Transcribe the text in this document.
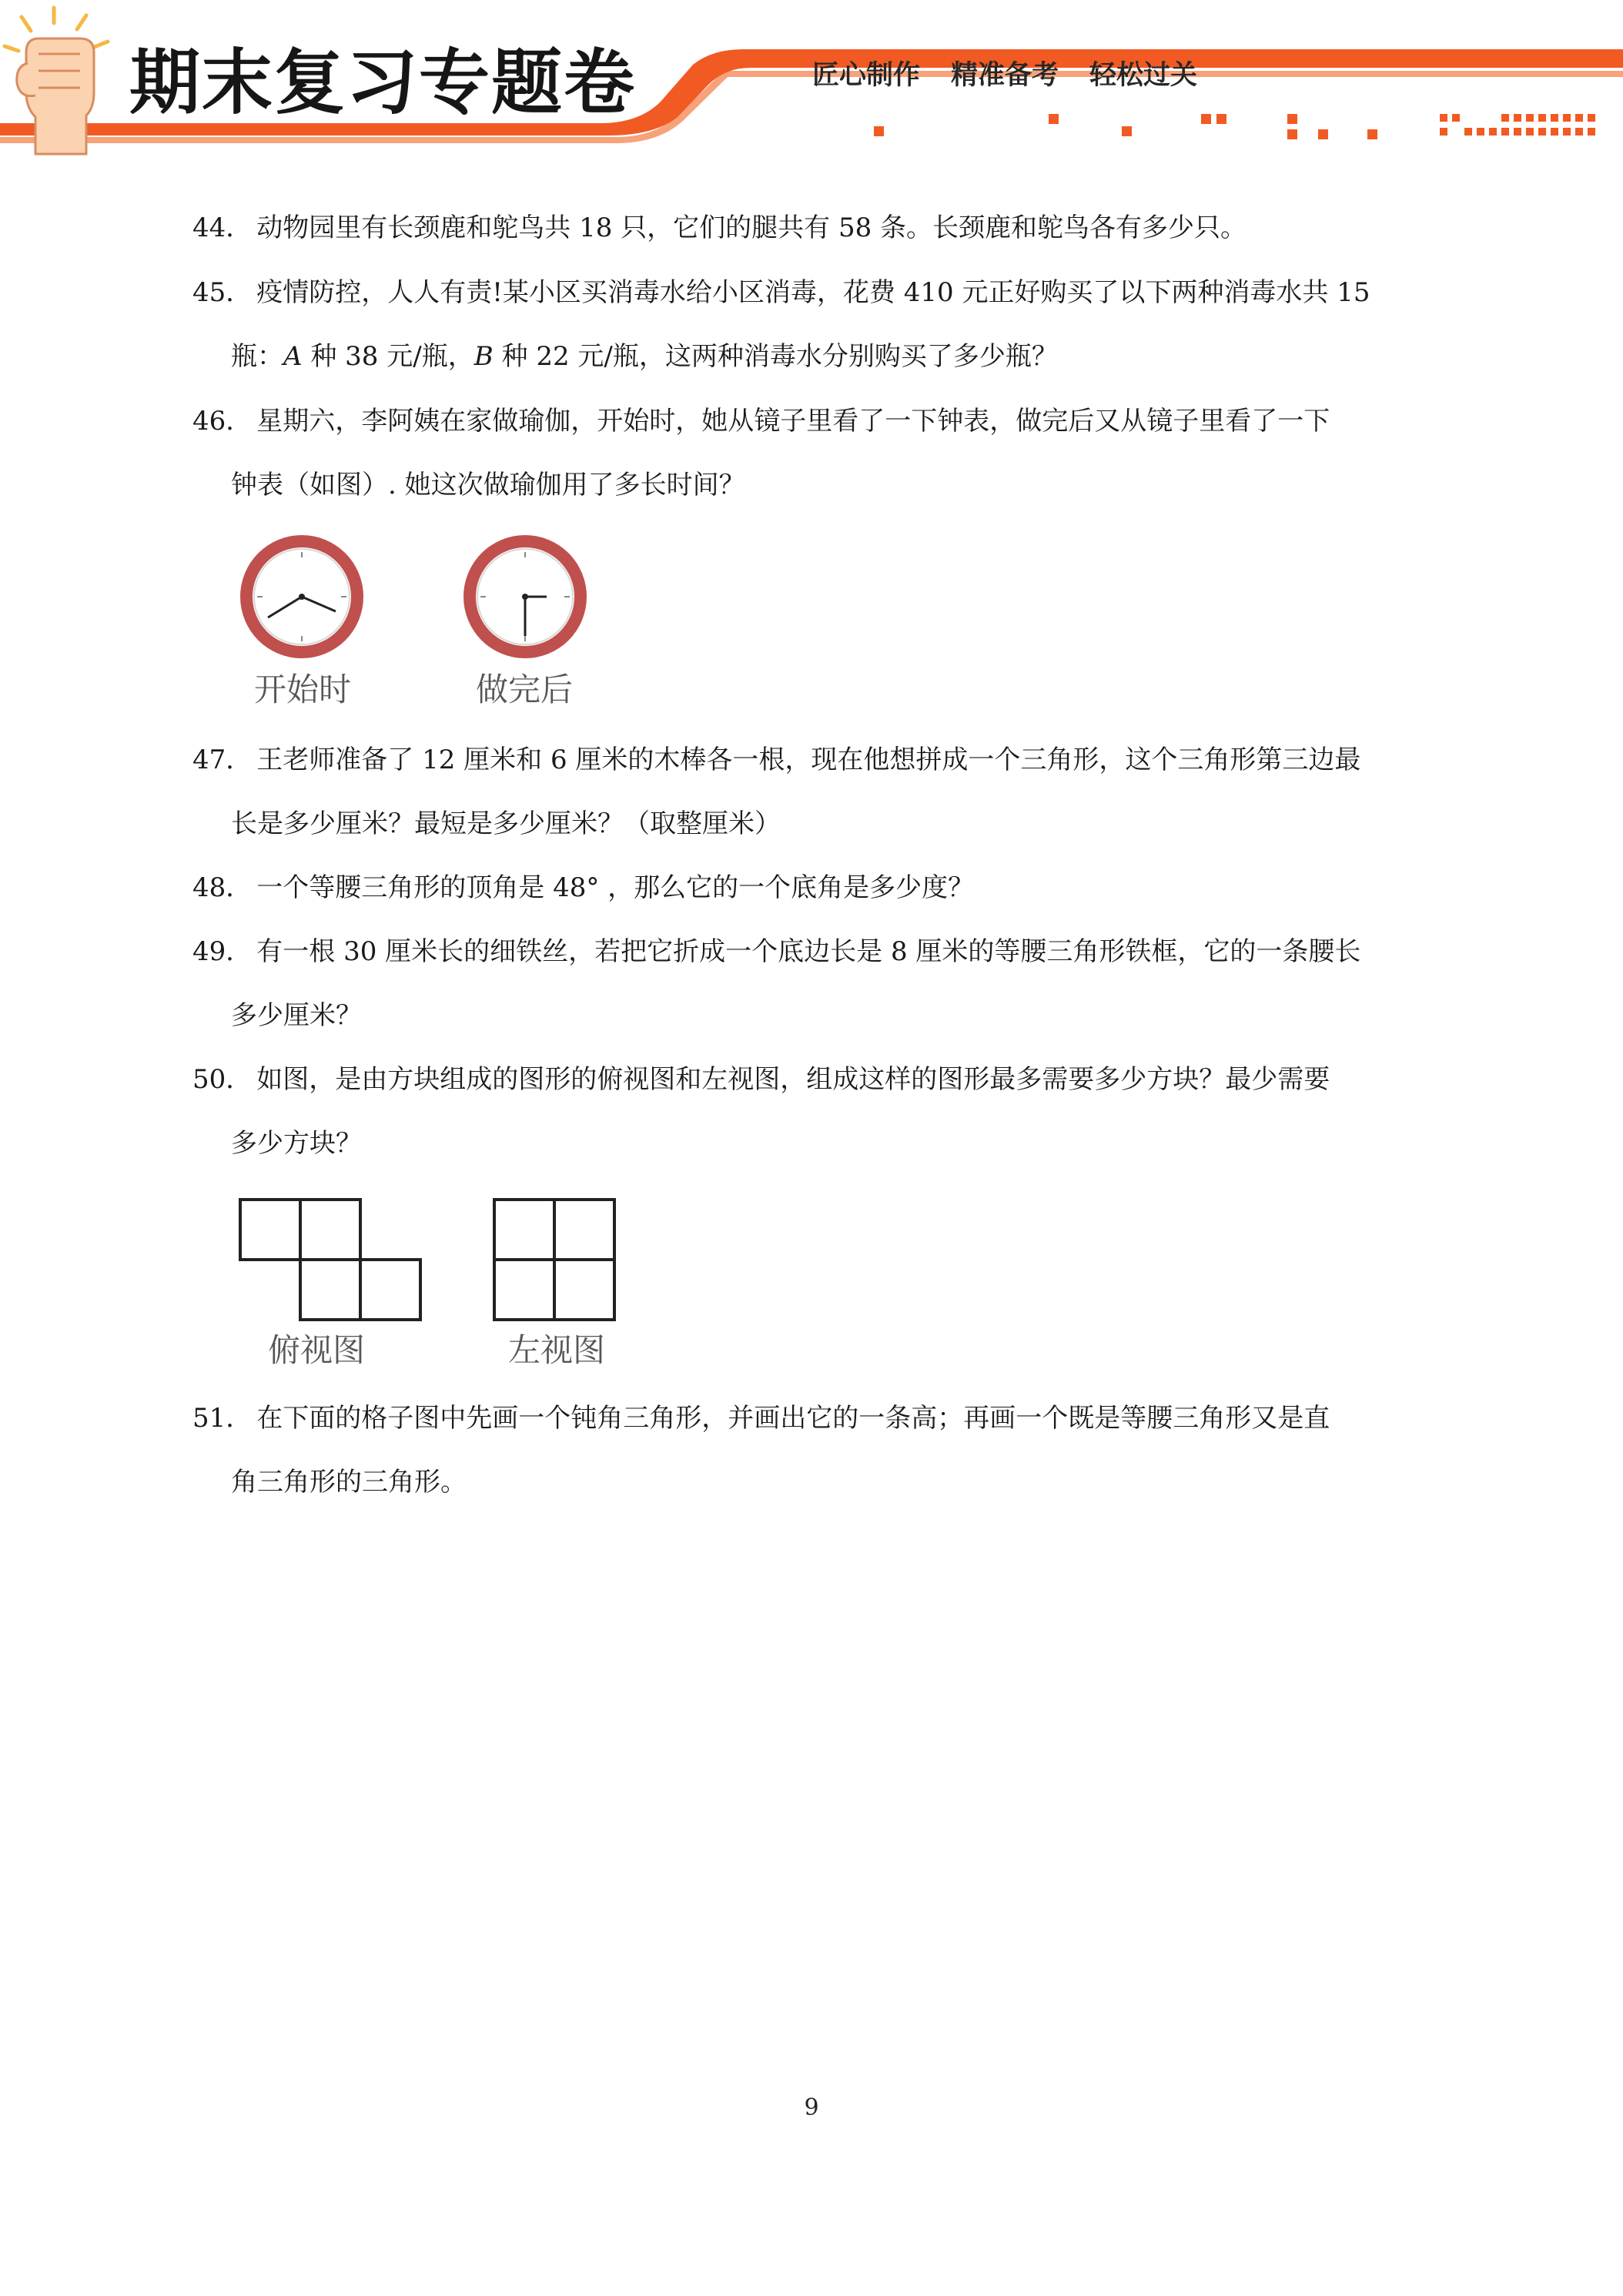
期末复习专题卷	匠心制作 精准备考 轻松过关
44． 动物园里有长颈鹿和鸵鸟共 18 只，它们的腿共有 58 条。长颈鹿和鸵鸟各有多少只。
45． 疫情防控，人人有责!某小区买消毒水给小区消毒，花费 410 元正好购买了以下两种消毒水共 15
瓶：A 种 38 元/瓶，B 种 22 元/瓶，这两种消毒水分别购买了多少瓶？
46． 星期六，李阿姨在家做瑜伽，开始时，她从镜子里看了一下钟表，做完后又从镜子里看了一下
钟表（如图）. 她这次做瑜伽用了多长时间？
开始时	做完后
47． 王老师准备了 12 厘米和 6 厘米的木棒各一根，现在他想拼成一个三角形，这个三角形第三边最
长是多少厘米？最短是多少厘米？（取整厘米）
48． 一个等腰三角形的顶角是 48° ，那么它的一个底角是多少度？
49． 有一根 30 厘米长的细铁丝，若把它折成一个底边长是 8 厘米的等腰三角形铁框，它的一条腰长
多少厘米？
50． 如图，是由方块组成的图形的俯视图和左视图，组成这样的图形最多需要多少方块？最少需要
多少方块？
俯视图	左视图
51． 在下面的格子图中先画一个钝角三角形，并画出它的一条高；再画一个既是等腰三角形又是直
角三角形的三角形。
9
